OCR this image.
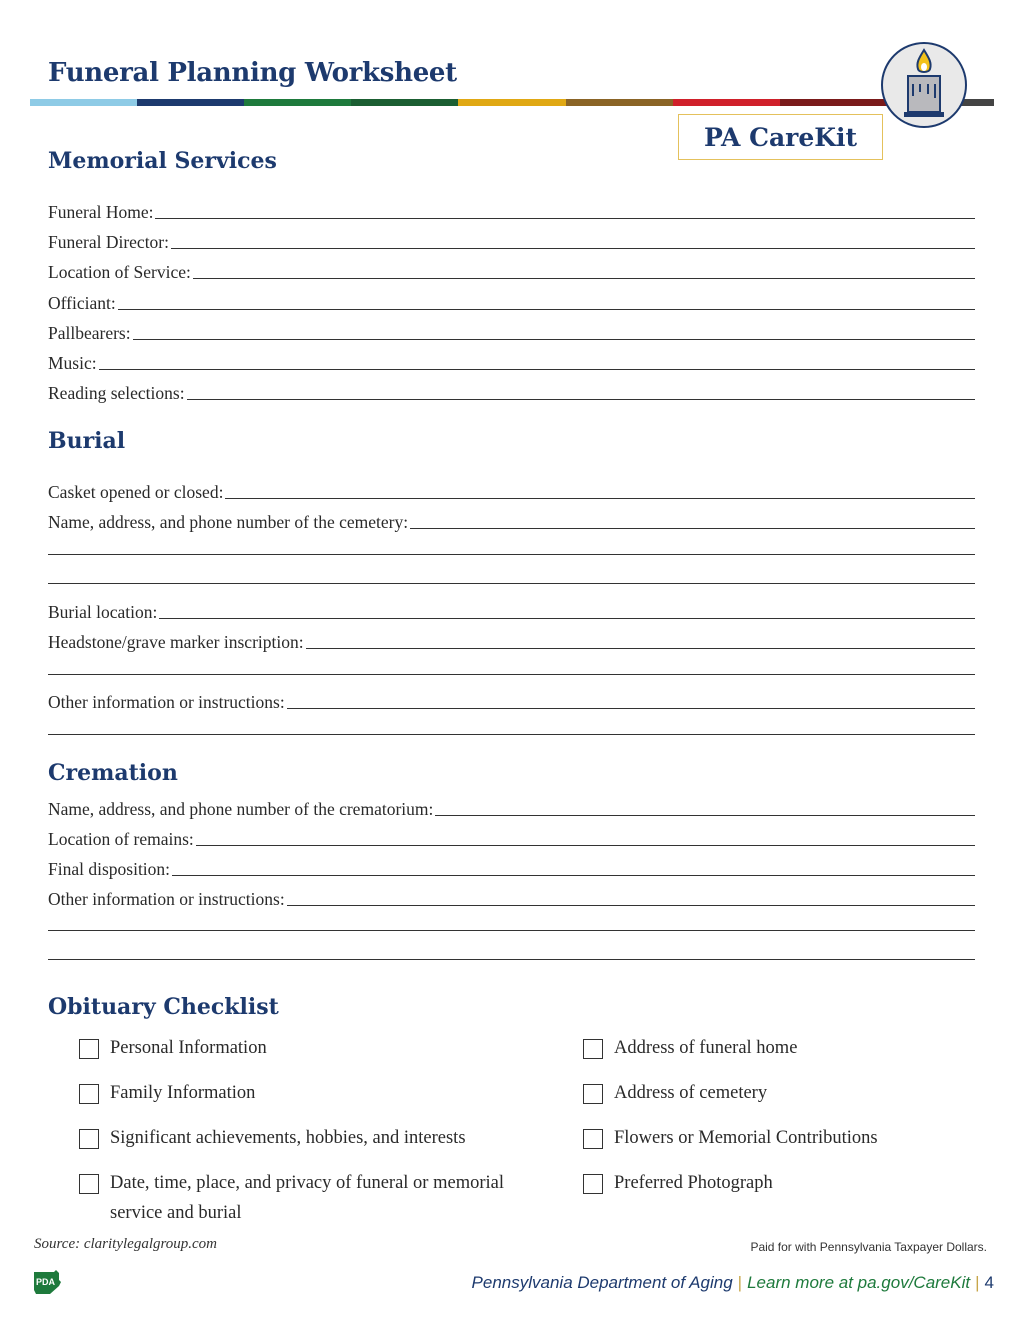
Funeral Planning Worksheet
PA CareKit
Memorial Services
Funeral Home:
Funeral Director:
Location of Service:
Officiant:
Pallbearers:
Music:
Reading selections:
Burial
Casket opened or closed:
Name, address, and phone number of the cemetery:
Burial location:
Headstone/grave marker inscription:
Other information or instructions:
Cremation
Name, address, and phone number of the crematorium:
Location of remains:
Final disposition:
Other information or instructions:
Obituary Checklist
Personal Information
Family Information
Significant achievements, hobbies, and interests
Date, time, place, and privacy of funeral or memorial service and burial
Address of funeral home
Address of cemetery
Flowers or Memorial Contributions
Preferred Photograph
Source: claritylegalgroup.com	Paid for with Pennsylvania Taxpayer Dollars.
PDA	Pennsylvania Department of Aging | Learn more at pa.gov/CareKit | 4
